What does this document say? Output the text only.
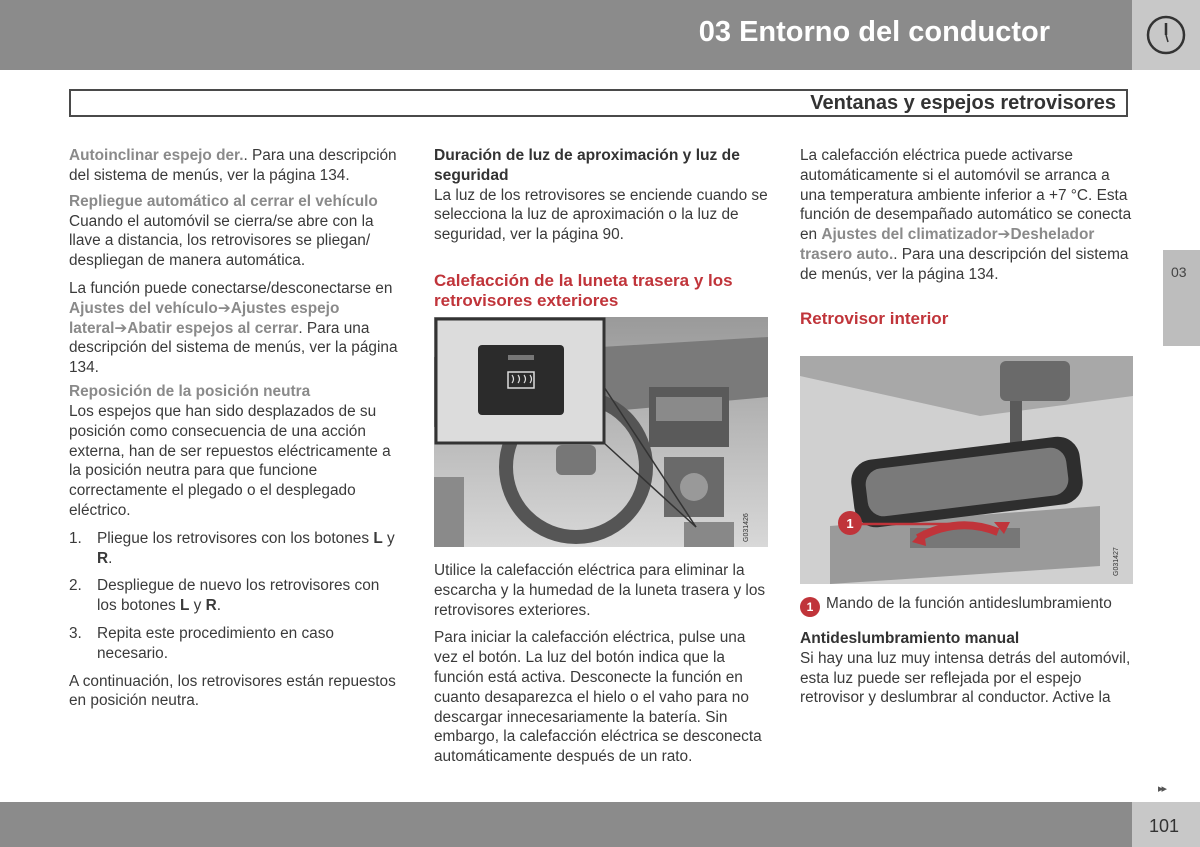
03 Entorno del conductor
Ventanas y espejos retrovisores
03

Autoinclinar espejo der.. Para una descripción del sistema de menús, ver la página 134.

Repliegue automático al cerrar el vehículo

Cuando el automóvil se cierra/se abre con la llave a distancia, los retrovisores se pliegan/ despliegan de manera automática.

La función puede conectarse/desconectarse en Ajustes del vehículo➔Ajustes espejo lateral➔Abatir espejos al cerrar. Para una descripción del sistema de menús, ver la página 134.

Reposición de la posición neutra

Los espejos que han sido desplazados de su posición como consecuencia de una acción externa, han de ser repuestos eléctricamente a la posición neutra para que funcione correctamente el plegado o el desplegado eléctrico.

1. Pliegue los retrovisores con los botones L y R.
2. Despliegue de nuevo los retrovisores con los botones L y R.
3. Repita este procedimiento en caso necesario.

A continuación, los retrovisores están repuestos en posición neutra.

Duración de luz de aproximación y luz de seguridad

La luz de los retrovisores se enciende cuando se selecciona la luz de aproximación o la luz de seguridad, ver la página 90.

Calefacción de la luneta trasera y los retrovisores exteriores
G031426

Utilice la calefacción eléctrica para eliminar la escarcha y la humedad de la luneta trasera y los retrovisores exteriores.

Para iniciar la calefacción eléctrica, pulse una vez el botón. La luz del botón indica que la función está activa. Desconecte la función en cuanto desaparezca el hielo o el vaho para no descargar innecesariamente la batería. Sin embargo, la calefacción eléctrica se desconecta automáticamente después de un rato.

La calefacción eléctrica puede activarse automáticamente si el automóvil se arranca a una temperatura ambiente inferior a +7 °C. Esta función de desempañado automático se conecta en Ajustes del climatizador➔Deshelador trasero auto.. Para una descripción del sistema de menús, ver la página 134.

Retrovisor interior
1
G031427

1 Mando de la función antideslumbramiento

Antideslumbramiento manual

Si hay una luz muy intensa detrás del automóvil, esta luz puede ser reflejada por el espejo retrovisor y deslumbrar al conductor. Active la

▸▸
101
